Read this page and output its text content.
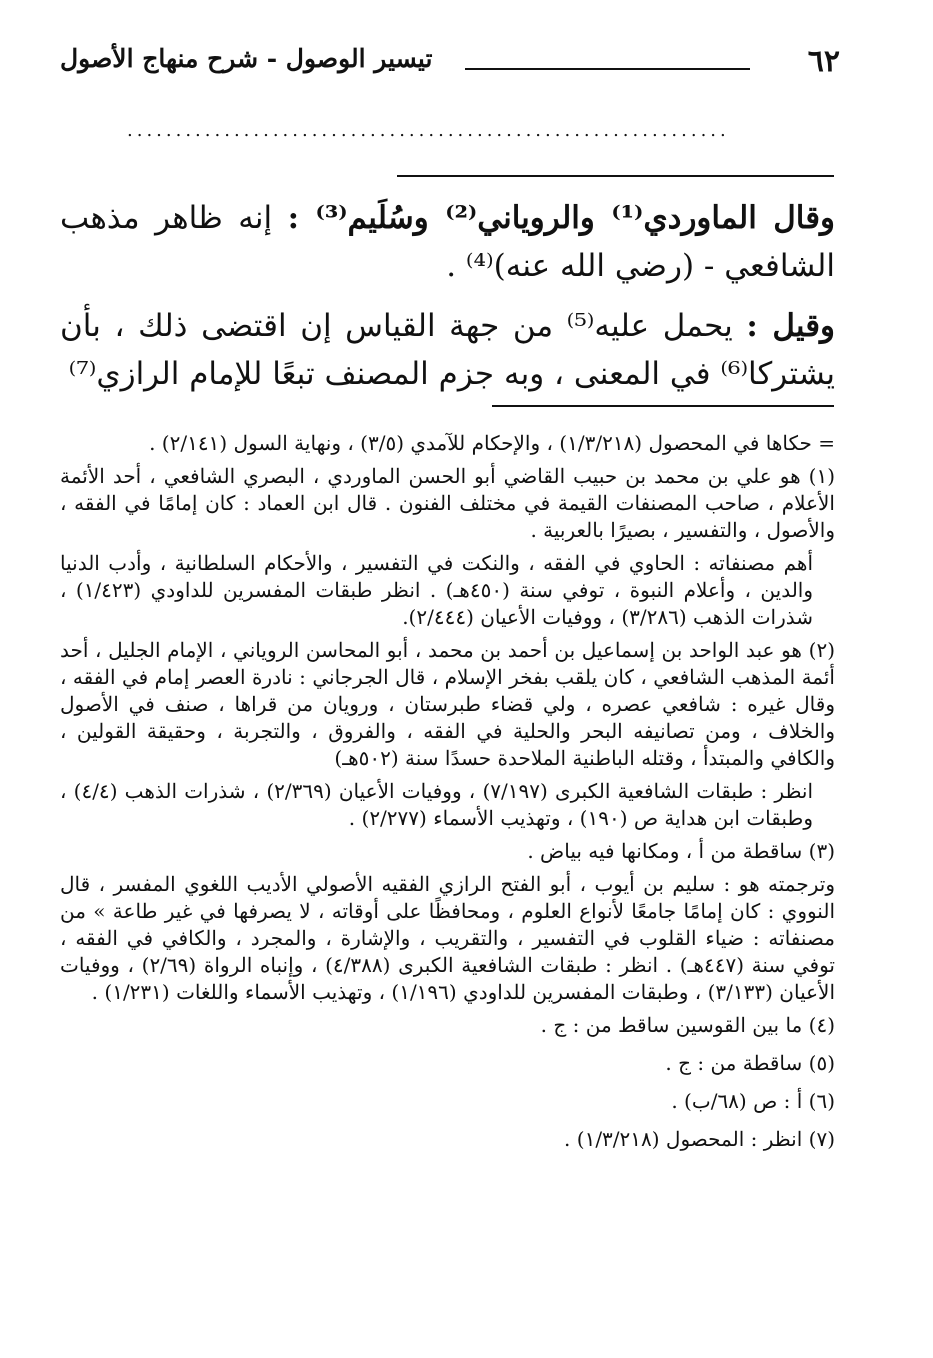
٦٢
تيسير الوصول - شرح منهاج الأصول
..............................................................
وقال الماوردي⁽¹⁾ والروياني⁽²⁾ وسُلَيم⁽³⁾ : إنه ظاهر مذهب الشافعي - (رضي الله عنه)⁽⁴⁾ .
وقيل : يحمل عليه⁽⁵⁾ من جهة القياس إن اقتضى ذلك ، بأن يشتركا⁽⁶⁾ في المعنى ، وبه جزم المصنف تبعًا للإمام الرازي⁽⁷⁾

= حكاها في المحصول (١/٣/٢١٨) ، والإحكام للآمدي (٣/٥) ، ونهاية السول (٢/١٤١) .

(١) هو علي بن محمد بن حبيب القاضي أبو الحسن الماوردي ، البصري الشافعي ، أحد الأئمة الأعلام ، صاحب المصنفات القيمة في مختلف الفنون . قال ابن العماد : كان إمامًا في الفقه ، والأصول ، والتفسير ، بصيرًا بالعربية .

أهم مصنفاته : الحاوي في الفقه ، والنكت في التفسير ، والأحكام السلطانية ، وأدب الدنيا والدين ، وأعلام النبوة ، توفي سنة (٤٥٠هـ) . انظر طبقات المفسرين للداودي (١/٤٢٣) ، شذرات الذهب (٣/٢٨٦) ، ووفيات الأعيان (٢/٤٤٤).

(٢) هو عبد الواحد بن إسماعيل بن أحمد بن محمد ، أبو المحاسن الروياني ، الإمام الجليل ، أحد أئمة المذهب الشافعي ، كان يلقب بفخر الإسلام ، قال الجرجاني : نادرة العصر إمام في الفقه ، وقال غيره : شافعي عصره ، ولي قضاء طبرستان ، ورويان من قراها ، صنف في الأصول والخلاف ، ومن تصانيفه البحر والحلية في الفقه ، والفروق ، والتجربة ، وحقيقة القولين ، والكافي والمبتدأ ، وقتله الباطنية الملاحدة حسدًا سنة (٥٠٢هـ)

انظر : طبقات الشافعية الكبرى (٧/١٩٧) ، ووفيات الأعيان (٢/٣٦٩) ، شذرات الذهب (٤/٤) ، وطبقات ابن هداية ص (١٩٠) ، وتهذيب الأسماء (٢/٢٧٧) .

(٣) ساقطة من أ ، ومكانها فيه بياض .

وترجمته هو : سليم بن أيوب ، أبو الفتح الرازي الفقيه الأصولي الأديب اللغوي المفسر ، قال النووي : كان إمامًا جامعًا لأنواع العلوم ، ومحافظًا على أوقاته ، لا يصرفها في غير طاعة » من مصنفاته : ضياء القلوب في التفسير ، والتقريب ، والإشارة ، والمجرد ، والكافي في الفقه ، توفي سنة (٤٤٧هـ) . انظر : طبقات الشافعية الكبرى (٤/٣٨٨) ، وإنباه الرواة (٢/٦٩) ، ووفيات الأعيان (٣/١٣٣) ، وطبقات المفسرين للداودي (١/١٩٦) ، وتهذيب الأسماء واللغات (١/٢٣١) .

(٤) ما بين القوسين ساقط من : ج .

(٥) ساقطة من : ج .

(٦) أ : ص (٦٨/ب) .

(٧) انظر : المحصول (١/٣/٢١٨) .
